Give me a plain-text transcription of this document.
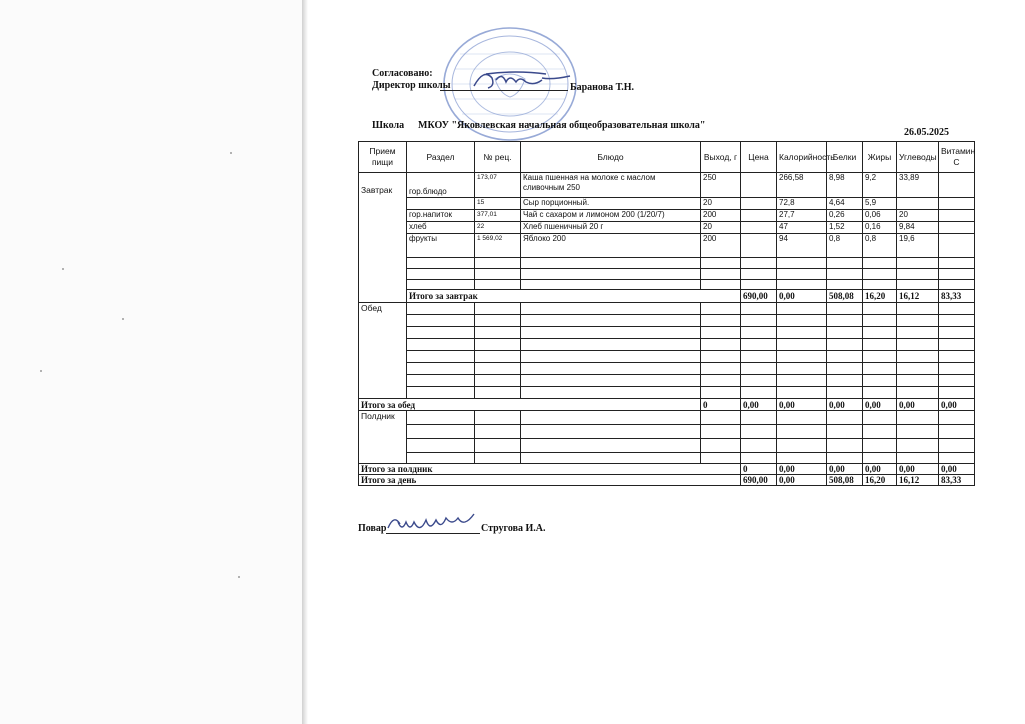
Согласовано:
Директор школы	Баранова Т.Н.
Школа МКОУ "Яковлевская начальная общеобразовательная школа"
26.05.2025
Прием пищи	Раздел	№ рец.	Блюдо	Выход, г	Цена	Калорийность	Белки	Жиры	Углеводы	Витамин С	
Завтрак	гор.блюдо	173,07	Каша пшенная на молоке с маслом сливочным 250	250		266,58	8,98	9,2	33,89		
		15	Сыр порционный.	20		72,8	4,64	5,9			
	гор.напиток	377,01	Чай с сахаром и лимоном 200 (1/20/7)	200		27,7	0,26	0,06	20		
	хлеб	22	Хлеб пшеничный 20 г	20		47	1,52	0,16	9,84		
	фрукты	1 569,02	Яблоко 200	200		94	0,8	0,8	19,6		

	Итого за завтрак				690,00	0,00	508,08	16,20	16,12	83,33	
Обед											

Итого за обед				0	0,00	0,00	0,00	0,00	0,00	0,00	
Полдник											

Итого за полдник					0	0,00	0,00	0,00	0,00	0,00	
Итого за день					690,00	0,00	508,08	16,20	16,12	83,33	
Повар	Стругова И.А.
